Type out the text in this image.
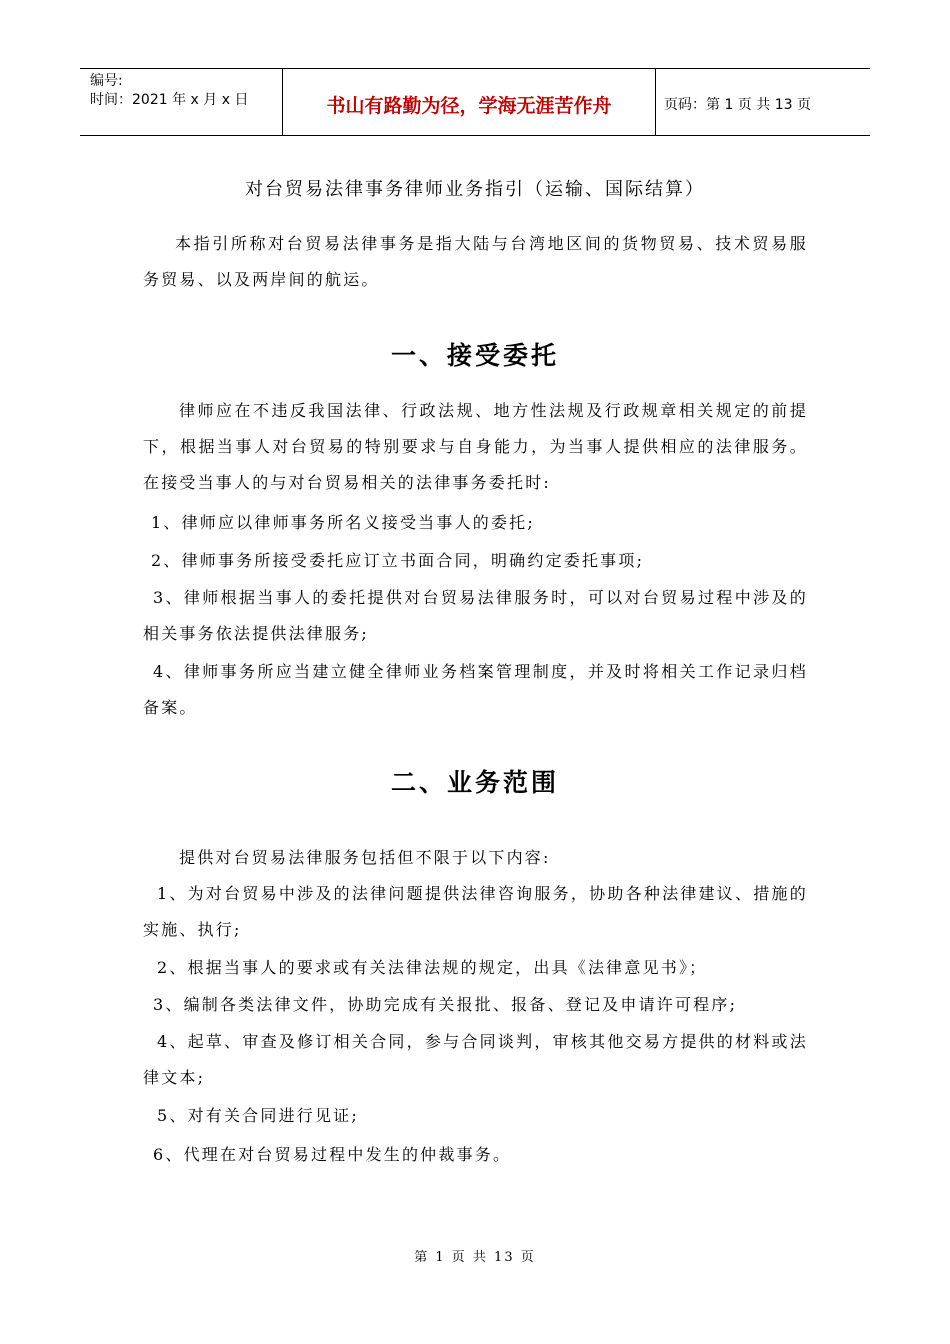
编号:
时间：2021 年 x 月 x 日	书山有路勤为径，学海无涯苦作舟	页码：第 1 页 共 13 页
对台贸易法律事务律师业务指引（运输、国际结算）
本指引所称对台贸易法律事务是指大陆与台湾地区间的货物贸易、技术贸易服务贸易、以及两岸间的航运。
一、接受委托
律师应在不违反我国法律、行政法规、地方性法规及行政规章相关规定的前提下，根据当事人对台贸易的特别要求与自身能力，为当事人提供相应的法律服务。在接受当事人的与对台贸易相关的法律事务委托时:
1、律师应以律师事务所名义接受当事人的委托;
2、律师事务所接受委托应订立书面合同，明确约定委托事项;
3、律师根据当事人的委托提供对台贸易法律服务时，可以对台贸易过程中涉及的相关事务依法提供法律服务;
4、律师事务所应当建立健全律师业务档案管理制度，并及时将相关工作记录归档备案。
二、业务范围
提供对台贸易法律服务包括但不限于以下内容:
1、为对台贸易中涉及的法律问题提供法律咨询服务，协助各种法律建议、措施的实施、执行;
2、根据当事人的要求或有关法律法规的规定，出具《法律意见书》；
3、编制各类法律文件，协助完成有关报批、报备、登记及申请许可程序;
4、起草、审查及修订相关合同，参与合同谈判，审核其他交易方提供的材料或法律文本;
5、对有关合同进行见证;
6、代理在对台贸易过程中发生的仲裁事务。
第 1 页 共 13 页
